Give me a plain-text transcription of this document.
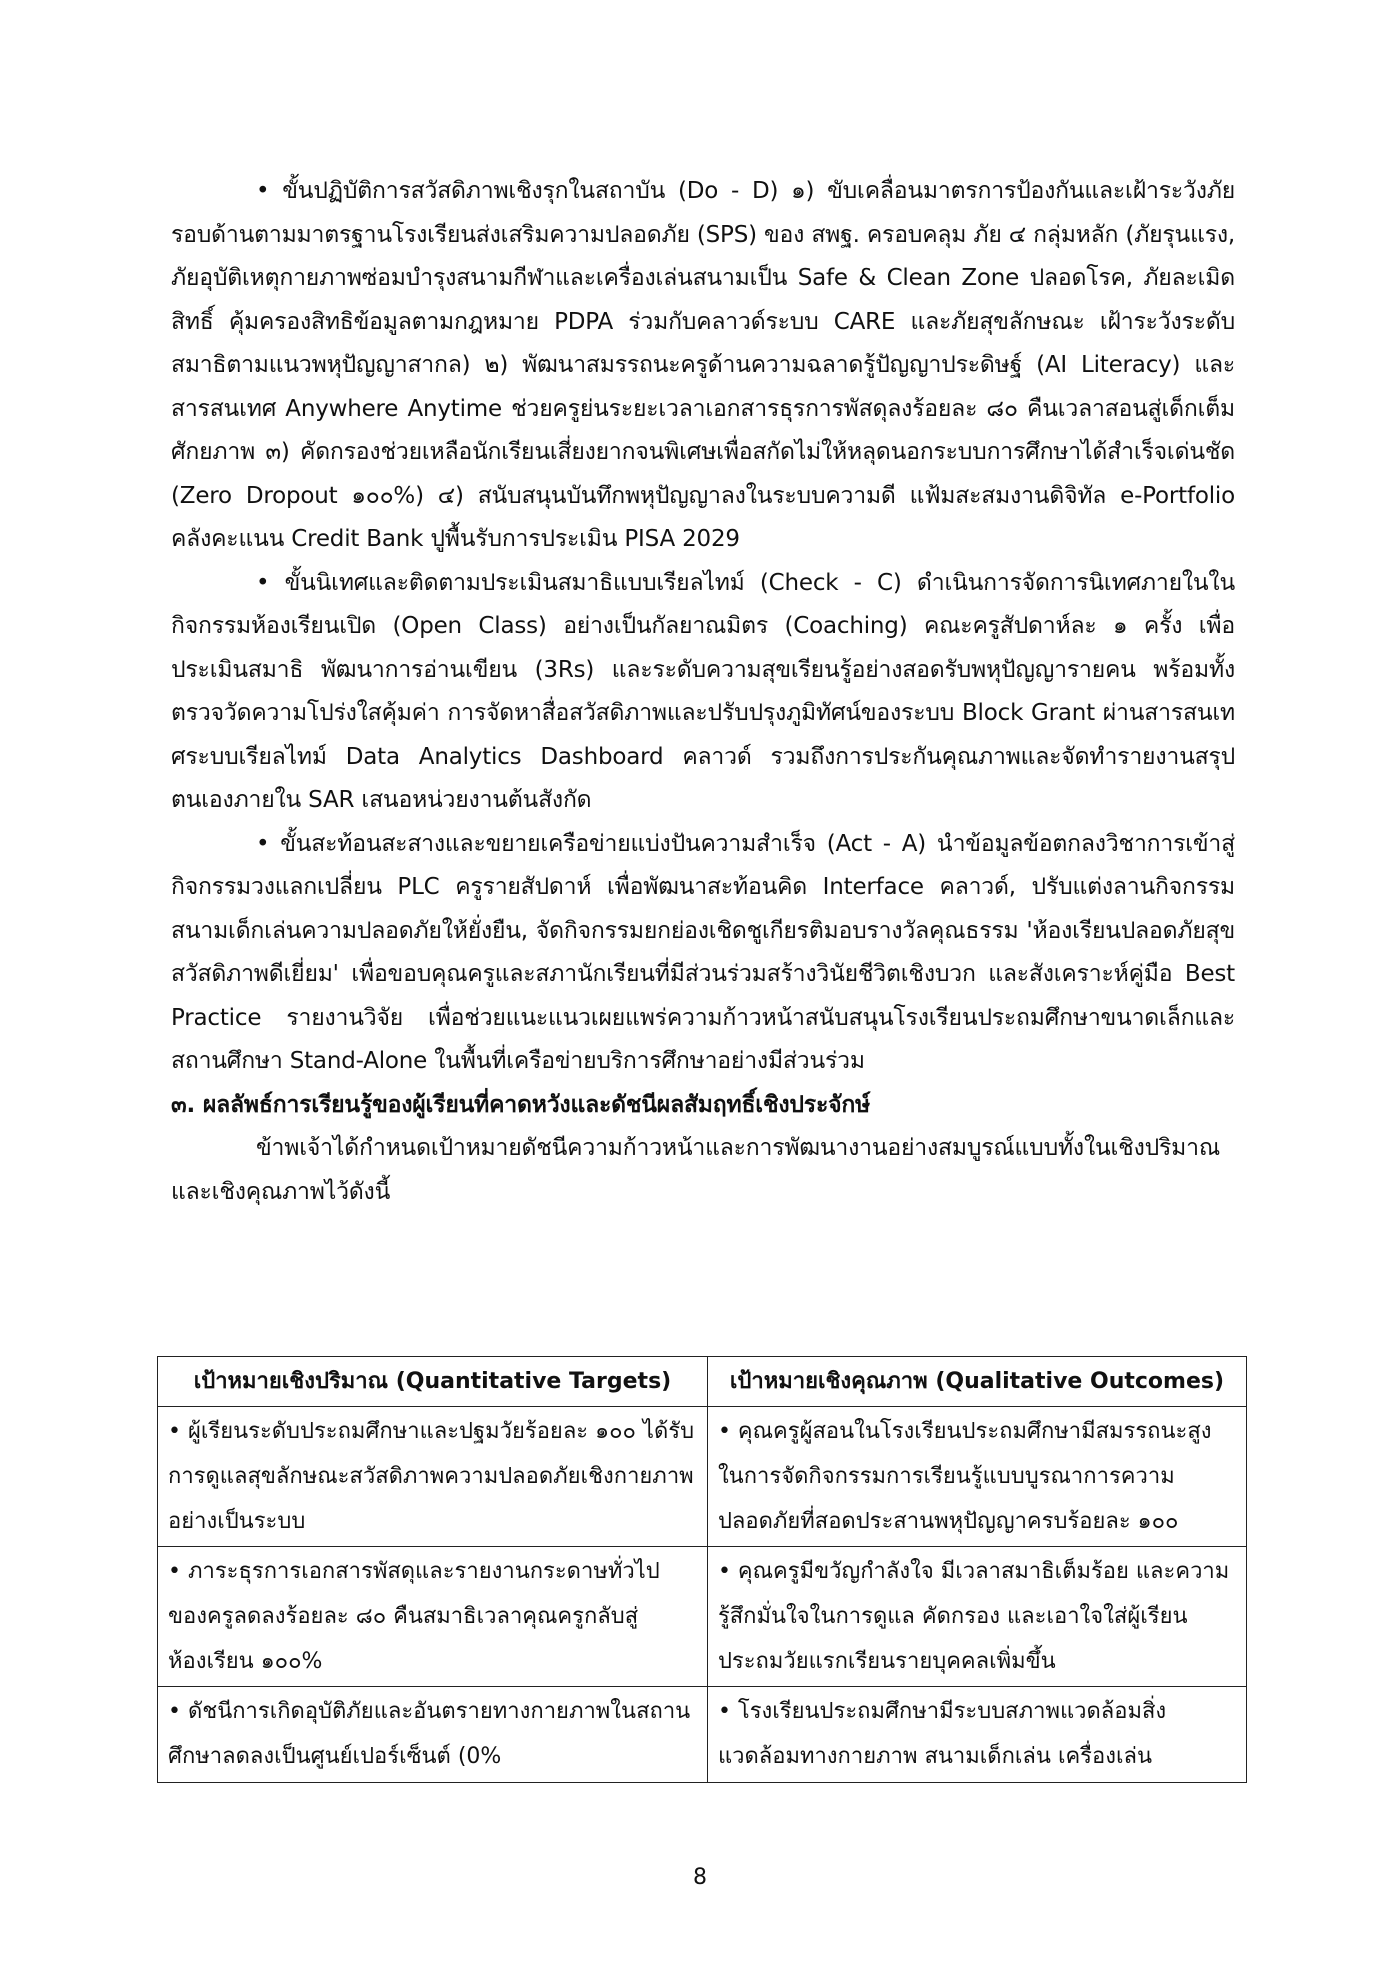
• ขั้นปฏิบัติการสวัสดิภาพเชิงรุกในสถาบัน (Do - D) ๑) ขับเคลื่อนมาตรการป้องกันและเฝ้าระวังภัยรอบด้านตามมาตรฐานโรงเรียนส่งเสริมความปลอดภัย (SPS) ของ สพฐ. ครอบคลุม ภัย ๔ กลุ่มหลัก (ภัยรุนแรง, ภัยอุบัติเหตุกายภาพซ่อมบำรุงสนามกีฬาและเครื่องเล่นสนามเป็น Safe & Clean Zone ปลอดโรค, ภัยละเมิดสิทธิ์ คุ้มครองสิทธิข้อมูลตามกฎหมาย PDPA ร่วมกับคลาวด์ระบบ CARE และภัยสุขลักษณะ เฝ้าระวังระดับสมาธิตามแนวพหุปัญญาสากล) ๒) พัฒนาสมรรถนะครูด้านความฉลาดรู้ปัญญาประดิษฐ์ (AI Literacy) และสารสนเทศ Anywhere Anytime ช่วยครูย่นระยะเวลาเอกสารธุรการพัสดุลงร้อยละ ๘๐ คืนเวลาสอนสู่เด็กเต็มศักยภาพ ๓) คัดกรองช่วยเหลือนักเรียนเสี่ยงยากจนพิเศษเพื่อสกัดไม่ให้หลุดนอกระบบการศึกษาได้สำเร็จเด่นชัด (Zero Dropout ๑๐๐%) ๔) สนับสนุนบันทึกพหุปัญญาลงในระบบความดี แฟ้มสะสมงานดิจิทัล e-Portfolio คลังคะแนน Credit Bank ปูพื้นรับการประเมิน PISA 2029

• ขั้นนิเทศและติดตามประเมินสมาธิแบบเรียลไทม์ (Check - C) ดำเนินการจัดการนิเทศภายในในกิจกรรมห้องเรียนเปิด (Open Class) อย่างเป็นกัลยาณมิตร (Coaching) คณะครูสัปดาห์ละ ๑ ครั้ง เพื่อประเมินสมาธิ พัฒนาการอ่านเขียน (3Rs) และระดับความสุขเรียนรู้อย่างสอดรับพหุปัญญารายคน พร้อมทั้งตรวจวัดความโปร่งใสคุ้มค่า การจัดหาสื่อสวัสดิภาพและปรับปรุงภูมิทัศน์ของระบบ Block Grant ผ่านสารสนเทศระบบเรียลไทม์ Data Analytics Dashboard คลาวด์ รวมถึงการประกันคุณภาพและจัดทำรายงานสรุปตนเองภายใน SAR เสนอหน่วยงานต้นสังกัด

• ขั้นสะท้อนสะสางและขยายเครือข่ายแบ่งปันความสำเร็จ (Act - A) นำข้อมูลข้อตกลงวิชาการเข้าสู่กิจกรรมวงแลกเปลี่ยน PLC ครูรายสัปดาห์ เพื่อพัฒนาสะท้อนคิด Interface คลาวด์, ปรับแต่งลานกิจกรรมสนามเด็กเล่นความปลอดภัยให้ยั่งยืน, จัดกิจกรรมยกย่องเชิดชูเกียรติมอบรางวัลคุณธรรม 'ห้องเรียนปลอดภัยสุขสวัสดิภาพดีเยี่ยม' เพื่อขอบคุณครูและสภานักเรียนที่มีส่วนร่วมสร้างวินัยชีวิตเชิงบวก และสังเคราะห์คู่มือ Best Practice รายงานวิจัย เพื่อช่วยแนะแนวเผยแพร่ความก้าวหน้าสนับสนุนโรงเรียนประถมศึกษาขนาดเล็กและสถานศึกษา Stand-Alone ในพื้นที่เครือข่ายบริการศึกษาอย่างมีส่วนร่วม

๓. ผลลัพธ์การเรียนรู้ของผู้เรียนที่คาดหวังและดัชนีผลสัมฤทธิ์เชิงประจักษ์

ข้าพเจ้าได้กำหนดเป้าหมายดัชนีความก้าวหน้าและการพัฒนางานอย่างสมบูรณ์แบบทั้งในเชิงปริมาณและเชิงคุณภาพไว้ดังนี้

เป้าหมายเชิงปริมาณ (Quantitative Targets)	เป้าหมายเชิงคุณภาพ (Qualitative Outcomes)
• ผู้เรียนระดับประถมศึกษาและปฐมวัยร้อยละ ๑๐๐ ได้รับการดูแลสุขลักษณะสวัสดิภาพความปลอดภัยเชิงกายภาพอย่างเป็นระบบ	• คุณครูผู้สอนในโรงเรียนประถมศึกษามีสมรรถนะสูงในการจัดกิจกรรมการเรียนรู้แบบบูรณาการความปลอดภัยที่สอดประสานพหุปัญญาครบร้อยละ ๑๐๐
• ภาระธุรการเอกสารพัสดุและรายงานกระดาษทั่วไปของครูลดลงร้อยละ ๘๐ คืนสมาธิเวลาคุณครูกลับสู่ห้องเรียน ๑๐๐%	• คุณครูมีขวัญกำลังใจ มีเวลาสมาธิเต็มร้อย และความรู้สึกมั่นใจในการดูแล คัดกรอง และเอาใจใส่ผู้เรียนประถมวัยแรกเรียนรายบุคคลเพิ่มขึ้น
• ดัชนีการเกิดอุบัติภัยและอันตรายทางกายภาพในสถานศึกษาลดลงเป็นศูนย์เปอร์เซ็นต์ (0%	• โรงเรียนประถมศึกษามีระบบสภาพแวดล้อมสิ่งแวดล้อมทางกายภาพ สนามเด็กเล่น เครื่องเล่น
8
